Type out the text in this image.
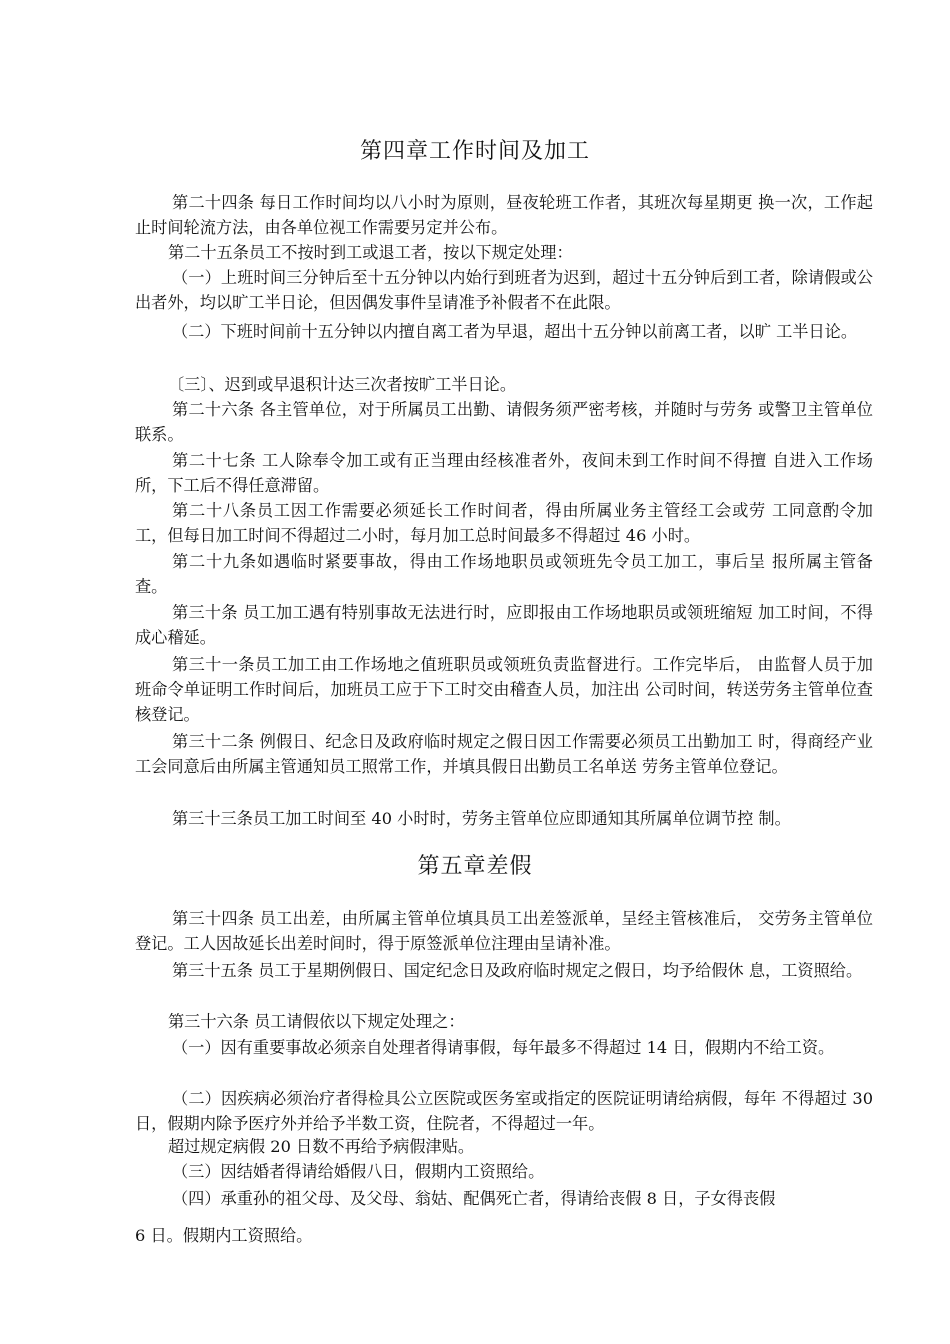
第四章工作时间及加工

第二十四条 每日工作时间均以八小时为原则，昼夜轮班工作者，其班次每星期更 换一次，工作起止时间轮流方法，由各单位视工作需要另定并公布。

第二十五条员工不按时到工或退工者，按以下规定处理：

（一）上班时间三分钟后至十五分钟以内始行到班者为迟到，超过十五分钟后到工者，除请假或公出者外，均以旷工半日论，但因偶发事件呈请准予补假者不在此限。

（二）下班时间前十五分钟以内擅自离工者为早退，超出十五分钟以前离工者，以旷 工半日论。

〔三〕、迟到或早退积计达三次者按旷工半日论。

第二十六条 各主管单位，对于所属员工出勤、请假务须严密考核，并随时与劳务 或警卫主管单位联系。

第二十七条 工人除奉令加工或有正当理由经核准者外，夜间未到工作时间不得擅 自进入工作场所，下工后不得任意滞留。

第二十八条员工因工作需要必须延长工作时间者，得由所属业务主管经工会或劳 工同意酌令加工，但每日加工时间不得超过二小时，每月加工总时间最多不得超过 46 小时。

第二十九条如遇临时紧要事故，得由工作场地职员或领班先令员工加工，事后呈 报所属主管备查。

第三十条 员工加工遇有特别事故无法进行时，应即报由工作场地职员或领班缩短 加工时间，不得成心稽延。

第三十一条员工加工由工作场地之值班职员或领班负责监督进行。工作完毕后， 由监督人员于加班命令单证明工作时间后，加班员工应于下工时交由稽查人员，加注出 公司时间，转送劳务主管单位查核登记。

第三十二条 例假日、纪念日及政府临时规定之假日因工作需要必须员工出勤加工 时，得商经产业工会同意后由所属主管通知员工照常工作，并填具假日出勤员工名单送 劳务主管单位登记。

第三十三条员工加工时间至 40 小时时，劳务主管单位应即通知其所属单位调节控 制。

第五章差假

第三十四条 员工出差，由所属主管单位填具员工出差签派单，呈经主管核准后， 交劳务主管单位登记。工人因故延长出差时间时，得于原签派单位注理由呈请补准。

第三十五条 员工于星期例假日、国定纪念日及政府临时规定之假日，均予给假休 息，工资照给。

第三十六条 员工请假依以下规定处理之：

（一）因有重要事故必须亲自处理者得请事假，每年最多不得超过 14 日，假期内不给工资。

（二）因疾病必须治疗者得检具公立医院或医务室或指定的医院证明请给病假，每年 不得超过 30 日，假期内除予医疗外并给予半数工资，住院者，不得超过一年。

超过规定病假 20 日数不再给予病假津贴。

（三）因结婚者得请给婚假八日，假期内工资照给。

（四）承重孙的祖父母、及父母、翁姑、配偶死亡者，得请给丧假 8 日，子女得丧假

6 日。假期内工资照给。
